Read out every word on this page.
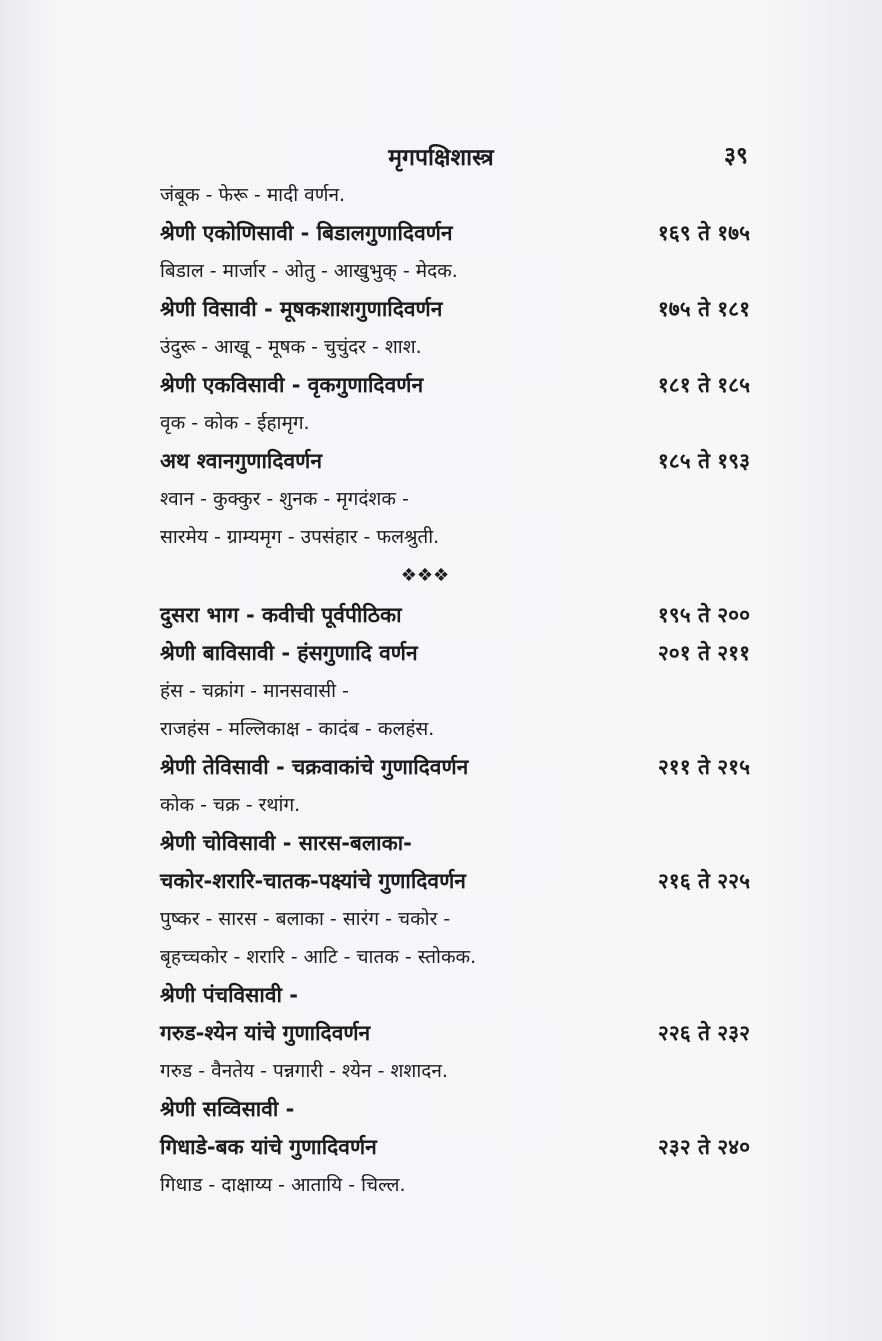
मृगपक्षिशास्त्र	३९
जंबूक - फेरू - मादी वर्णन.
श्रेणी एकोणिसावी - बिडालगुणादिवर्णन	१६९ ते १७५
बिडाल - मार्जार - ओतु - आखुभुक् - मेदक.
श्रेणी विसावी - मूषकशाशगुणादिवर्णन	१७५ ते १८१
उंदुरू - आखू - मूषक - चुचुंदर - शाश.
श्रेणी एकविसावी - वृकगुणादिवर्णन	१८१ ते १८५
वृक - कोक - ईहामृग.
अथ श्वानगुणादिवर्णन	१८५ ते १९३
श्वान - कुक्कुर - शुनक - मृगदंशक -
सारमेय - ग्राम्यमृग - उपसंहार - फलश्रुती.
❖❖❖
दुसरा भाग - कवीची पूर्वपीठिका	१९५ ते २००
श्रेणी बाविसावी - हंसगुणादि वर्णन	२०१ ते २११
हंस - चक्रांग - मानसवासी -
राजहंस - मल्लिकाक्ष - कादंब - कलहंस.
श्रेणी तेविसावी - चक्रवाकांचे गुणादिवर्णन	२११ ते २१५
कोक - चक्र - रथांग.
श्रेणी चोविसावी - सारस-बलाका-
चकोर-शरारि-चातक-पक्ष्यांचे गुणादिवर्णन	२१६ ते २२५
पुष्कर - सारस - बलाका - सारंग - चकोर -
बृहच्चकोर - शरारि - आटि - चातक - स्तोकक.
श्रेणी पंचविसावी -
गरुड-श्येन यांचे गुणादिवर्णन	२२६ ते २३२
गरुड - वैनतेय - पन्नगारी - श्येन - शशादन.
श्रेणी सव्विसावी -
गिधाडे-बक यांचे गुणादिवर्णन	२३२ ते २४०
गिधाड - दाक्षाय्य - आतायि - चिल्ल.
